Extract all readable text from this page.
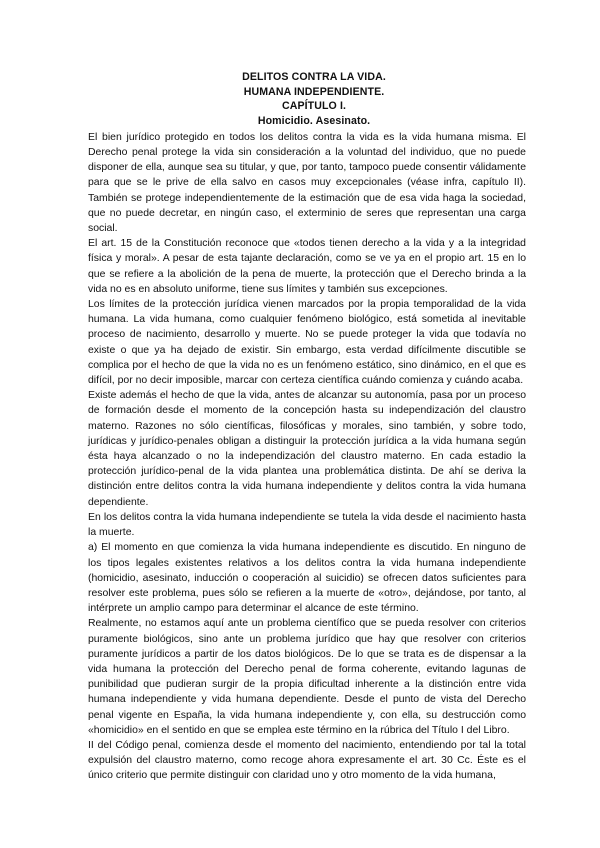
DELITOS CONTRA LA VIDA.
HUMANA INDEPENDIENTE.
CAPÍTULO I.
Homicidio. Asesinato.

El bien jurídico protegido en todos los delitos contra la vida es la vida humana misma. El Derecho penal protege la vida sin consideración a la voluntad del individuo, que no puede disponer de ella, aunque sea su titular, y que, por tanto, tampoco puede consentir válidamente para que se le prive de ella salvo en casos muy excepcionales (véase infra, capítulo II). También se protege independientemente de la estimación que de esa vida haga la sociedad, que no puede decretar, en ningún caso, el exterminio de seres que representan una carga social.

El art. 15 de la Constitución reconoce que «todos tienen derecho a la vida y a la integridad física y moral». A pesar de esta tajante declaración, como se ve ya en el propio art. 15 en lo que se refiere a la abolición de la pena de muerte, la protección que el Derecho brinda a la vida no es en absoluto uniforme, tiene sus límites y también sus excepciones.

Los límites de la protección jurídica vienen marcados por la propia temporalidad de la vida humana. La vida humana, como cualquier fenómeno biológico, está sometida al inevitable proceso de nacimiento, desarrollo y muerte. No se puede proteger la vida que todavía no existe o que ya ha dejado de existir. Sin embargo, esta verdad difícilmente discutible se complica por el hecho de que la vida no es un fenómeno estático, sino dinámico, en el que es difícil, por no decir imposible, marcar con certeza científica cuándo comienza y cuándo acaba.

Existe además el hecho de que la vida, antes de alcanzar su autonomía, pasa por un proceso de formación desde el momento de la concepción hasta su independización del claustro materno. Razones no sólo científicas, filosóficas y morales, sino también, y sobre todo, jurídicas y jurídico-penales obligan a distinguir la protección jurídica a la vida humana según ésta haya alcanzado o no la independización del claustro materno. En cada estadio la protección jurídico-penal de la vida plantea una problemática distinta. De ahí se deriva la distinción entre delitos contra la vida humana independiente y delitos contra la vida humana dependiente.

En los delitos contra la vida humana independiente se tutela la vida desde el nacimiento hasta la muerte.

a) El momento en que comienza la vida humana independiente es discutido. En ninguno de los tipos legales existentes relativos a los delitos contra la vida humana independiente (homicidio, asesinato, inducción o cooperación al suicidio) se ofrecen datos suficientes para resolver este problema, pues sólo se refieren a la muerte de «otro», dejándose, por tanto, al intérprete un amplio campo para determinar el alcance de este término.

Realmente, no estamos aquí ante un problema científico que se pueda resolver con criterios puramente biológicos, sino ante un problema jurídico que hay que resolver con criterios puramente jurídicos a partir de los datos biológicos. De lo que se trata es de dispensar a la vida humana la protección del Derecho penal de forma coherente, evitando lagunas de punibilidad que pudieran surgir de la propia dificultad inherente a la distinción entre vida humana independiente y vida humana dependiente. Desde el punto de vista del Derecho penal vigente en España, la vida humana independiente y, con ella, su destrucción como «homicidio» en el sentido en que se emplea este término en la rúbrica del Título I del Libro.

II del Código penal, comienza desde el momento del nacimiento, entendiendo por tal la total expulsión del claustro materno, como recoge ahora expresamente el art. 30 Cc. Éste es el único criterio que permite distinguir con claridad uno y otro momento de la vida humana,
